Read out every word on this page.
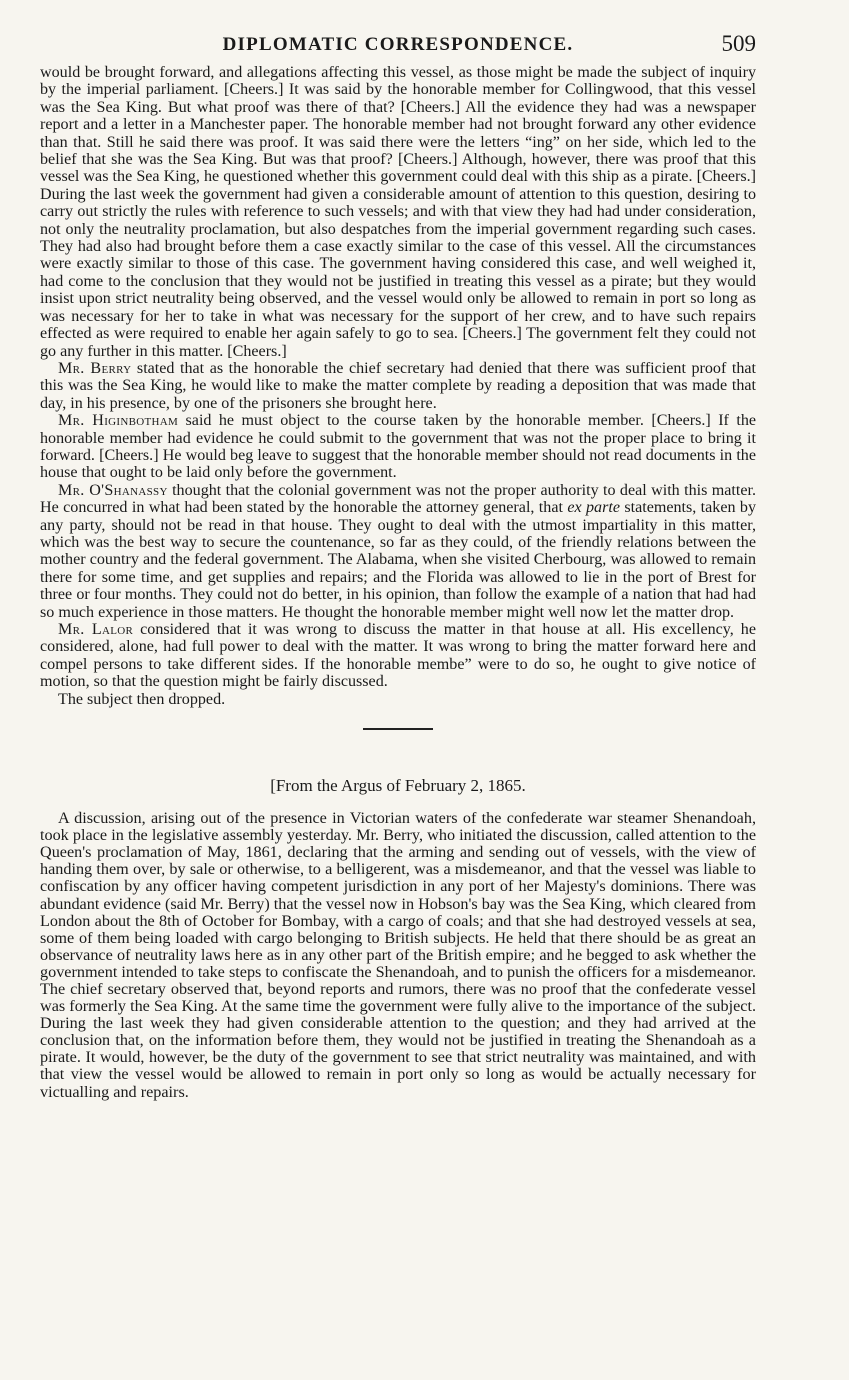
DIPLOMATIC CORRESPONDENCE.	509

would be brought forward, and allegations affecting this vessel, as those might be made the subject of inquiry by the imperial parliament. [Cheers.] It was said by the honorable member for Collingwood, that this vessel was the Sea King. But what proof was there of that? [Cheers.] All the evidence they had was a newspaper report and a letter in a Manchester paper. The honorable member had not brought forward any other evidence than that. Still he said there was proof. It was said there were the letters “ing” on her side, which led to the belief that she was the Sea King. But was that proof? [Cheers.] Although, however, there was proof that this vessel was the Sea King, he questioned whether this government could deal with this ship as a pirate. [Cheers.] During the last week the government had given a considerable amount of attention to this question, desiring to carry out strictly the rules with reference to such vessels; and with that view they had had under consideration, not only the neutrality proclamation, but also despatches from the imperial government regarding such cases. They had also had brought before them a case exactly similar to the case of this vessel. All the circumstances were exactly similar to those of this case. The government having considered this case, and well weighed it, had come to the conclusion that they would not be justified in treating this vessel as a pirate; but they would insist upon strict neutrality being observed, and the vessel would only be allowed to remain in port so long as was necessary for her to take in what was necessary for the support of her crew, and to have such repairs effected as were required to enable her again safely to go to sea. [Cheers.] The government felt they could not go any further in this matter. [Cheers.]

Mr. Berry stated that as the honorable the chief secretary had denied that there was sufficient proof that this was the Sea King, he would like to make the matter complete by reading a deposition that was made that day, in his presence, by one of the prisoners she brought here.

Mr. Higinbotham said he must object to the course taken by the honorable member. [Cheers.] If the honorable member had evidence he could submit to the government that was not the proper place to bring it forward. [Cheers.] He would beg leave to suggest that the honorable member should not read documents in the house that ought to be laid only before the government.

Mr. O'Shanassy thought that the colonial government was not the proper authority to deal with this matter. He concurred in what had been stated by the honorable the attorney general, that ex parte statements, taken by any party, should not be read in that house. They ought to deal with the utmost impartiality in this matter, which was the best way to secure the countenance, so far as they could, of the friendly relations between the mother country and the federal government. The Alabama, when she visited Cherbourg, was allowed to remain there for some time, and get supplies and repairs; and the Florida was allowed to lie in the port of Brest for three or four months. They could not do better, in his opinion, than follow the example of a nation that had had so much experience in those matters. He thought the honorable member might well now let the matter drop.

Mr. Lalor considered that it was wrong to discuss the matter in that house at all. His excellency, he considered, alone, had full power to deal with the matter. It was wrong to bring the matter forward here and compel persons to take different sides. If the honorable membe” were to do so, he ought to give notice of motion, so that the question might be fairly discussed.

The subject then dropped.

[From the Argus of February 2, 1865.

A discussion, arising out of the presence in Victorian waters of the confederate war steamer Shenandoah, took place in the legislative assembly yesterday. Mr. Berry, who initiated the discussion, called attention to the Queen's proclamation of May, 1861, declaring that the arming and sending out of vessels, with the view of handing them over, by sale or otherwise, to a belligerent, was a misdemeanor, and that the vessel was liable to confiscation by any officer having competent jurisdiction in any port of her Majesty's dominions. There was abundant evidence (said Mr. Berry) that the vessel now in Hobson's bay was the Sea King, which cleared from London about the 8th of October for Bombay, with a cargo of coals; and that she had destroyed vessels at sea, some of them being loaded with cargo belonging to British subjects. He held that there should be as great an observance of neutrality laws here as in any other part of the British empire; and he begged to ask whether the government intended to take steps to confiscate the Shenandoah, and to punish the officers for a misdemeanor. The chief secretary observed that, beyond reports and rumors, there was no proof that the confederate vessel was formerly the Sea King. At the same time the government were fully alive to the importance of the subject. During the last week they had given considerable attention to the question; and they had arrived at the conclusion that, on the information before them, they would not be justified in treating the Shenandoah as a pirate. It would, however, be the duty of the government to see that strict neutrality was maintained, and with that view the vessel would be allowed to remain in port only so long as would be actually necessary for victualling and repairs.
